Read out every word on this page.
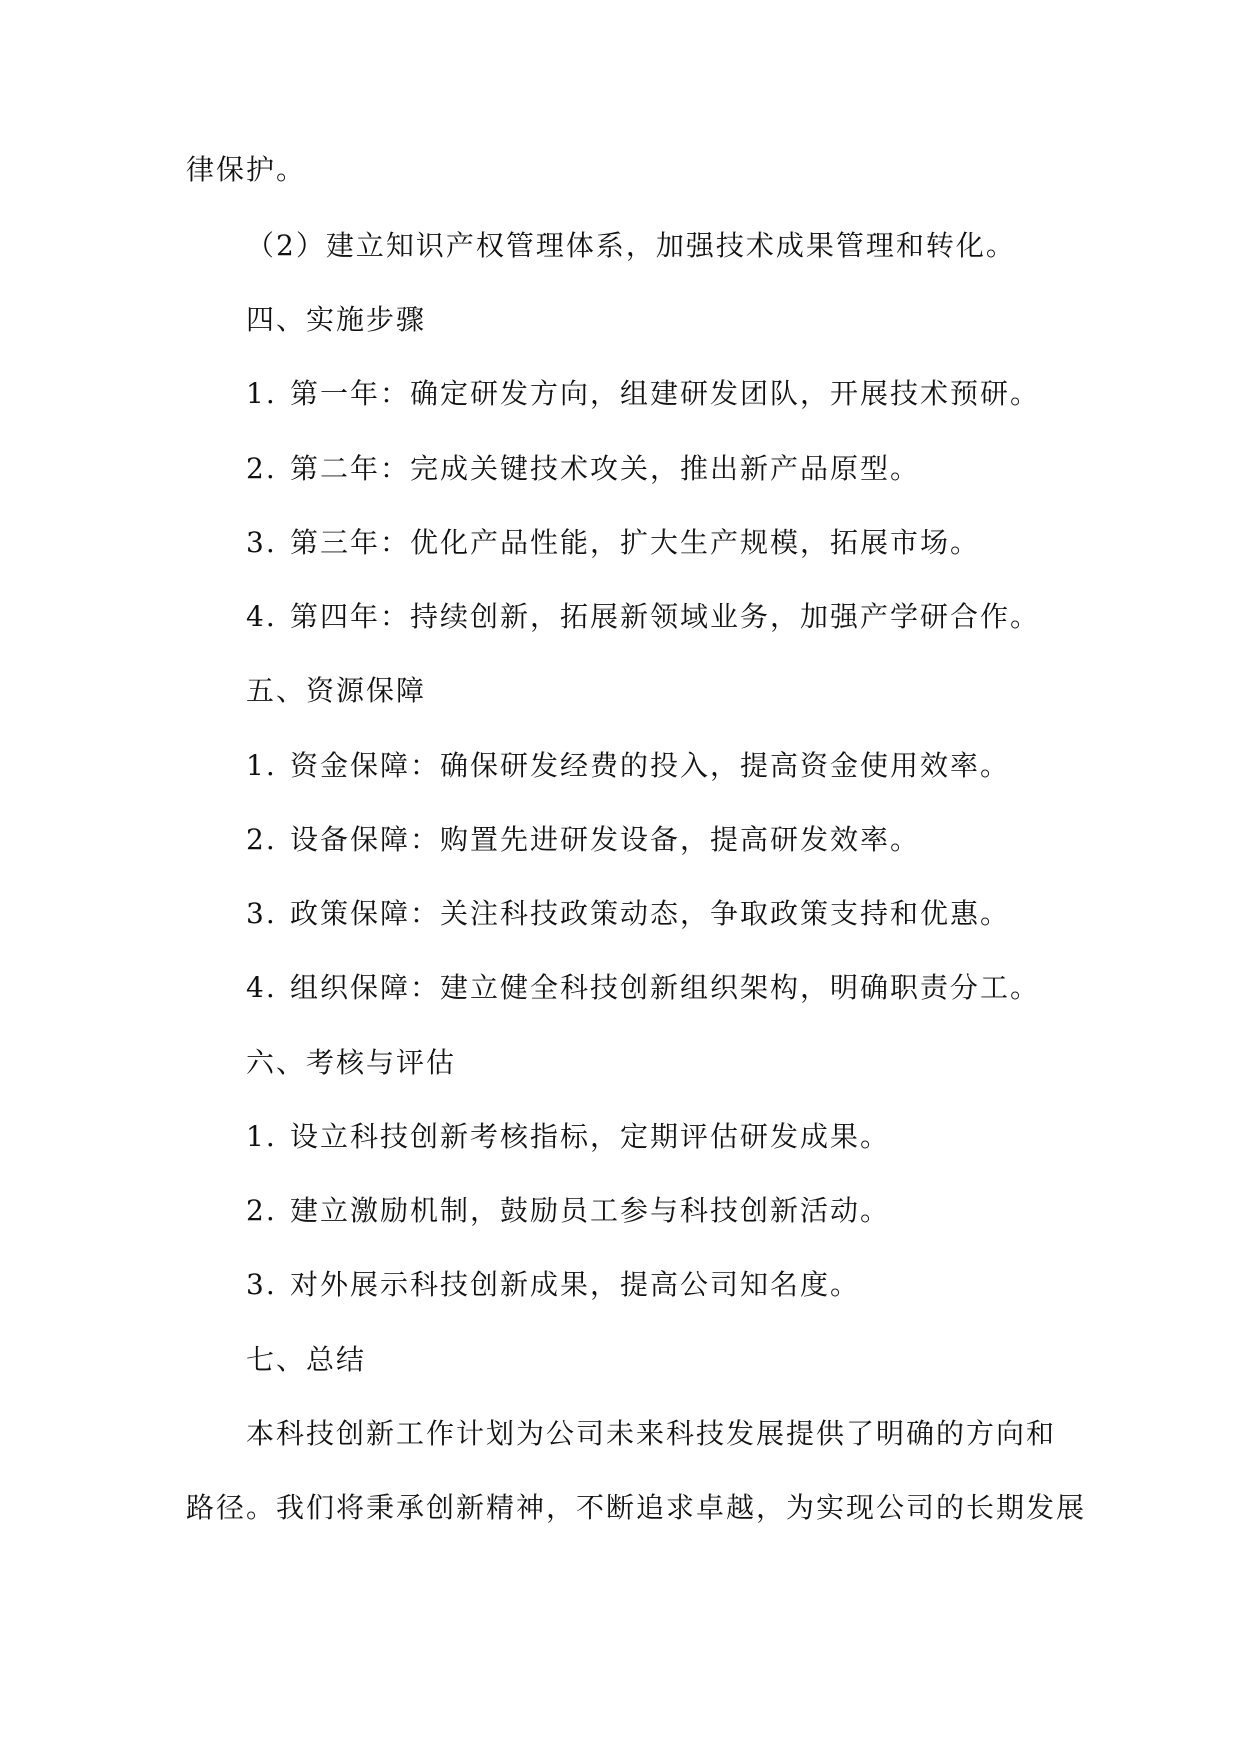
律保护。
（2）建立知识产权管理体系，加强技术成果管理和转化。
四、实施步骤
1. 第一年：确定研发方向，组建研发团队，开展技术预研。
2. 第二年：完成关键技术攻关，推出新产品原型。
3. 第三年：优化产品性能，扩大生产规模，拓展市场。
4. 第四年：持续创新，拓展新领域业务，加强产学研合作。
五、资源保障
1. 资金保障：确保研发经费的投入，提高资金使用效率。
2. 设备保障：购置先进研发设备，提高研发效率。
3. 政策保障：关注科技政策动态，争取政策支持和优惠。
4. 组织保障：建立健全科技创新组织架构，明确职责分工。
六、考核与评估
1. 设立科技创新考核指标，定期评估研发成果。
2. 建立激励机制，鼓励员工参与科技创新活动。
3. 对外展示科技创新成果，提高公司知名度。
七、总结
本科技创新工作计划为公司未来科技发展提供了明确的方向和
路径。我们将秉承创新精神，不断追求卓越，为实现公司的长期发展
